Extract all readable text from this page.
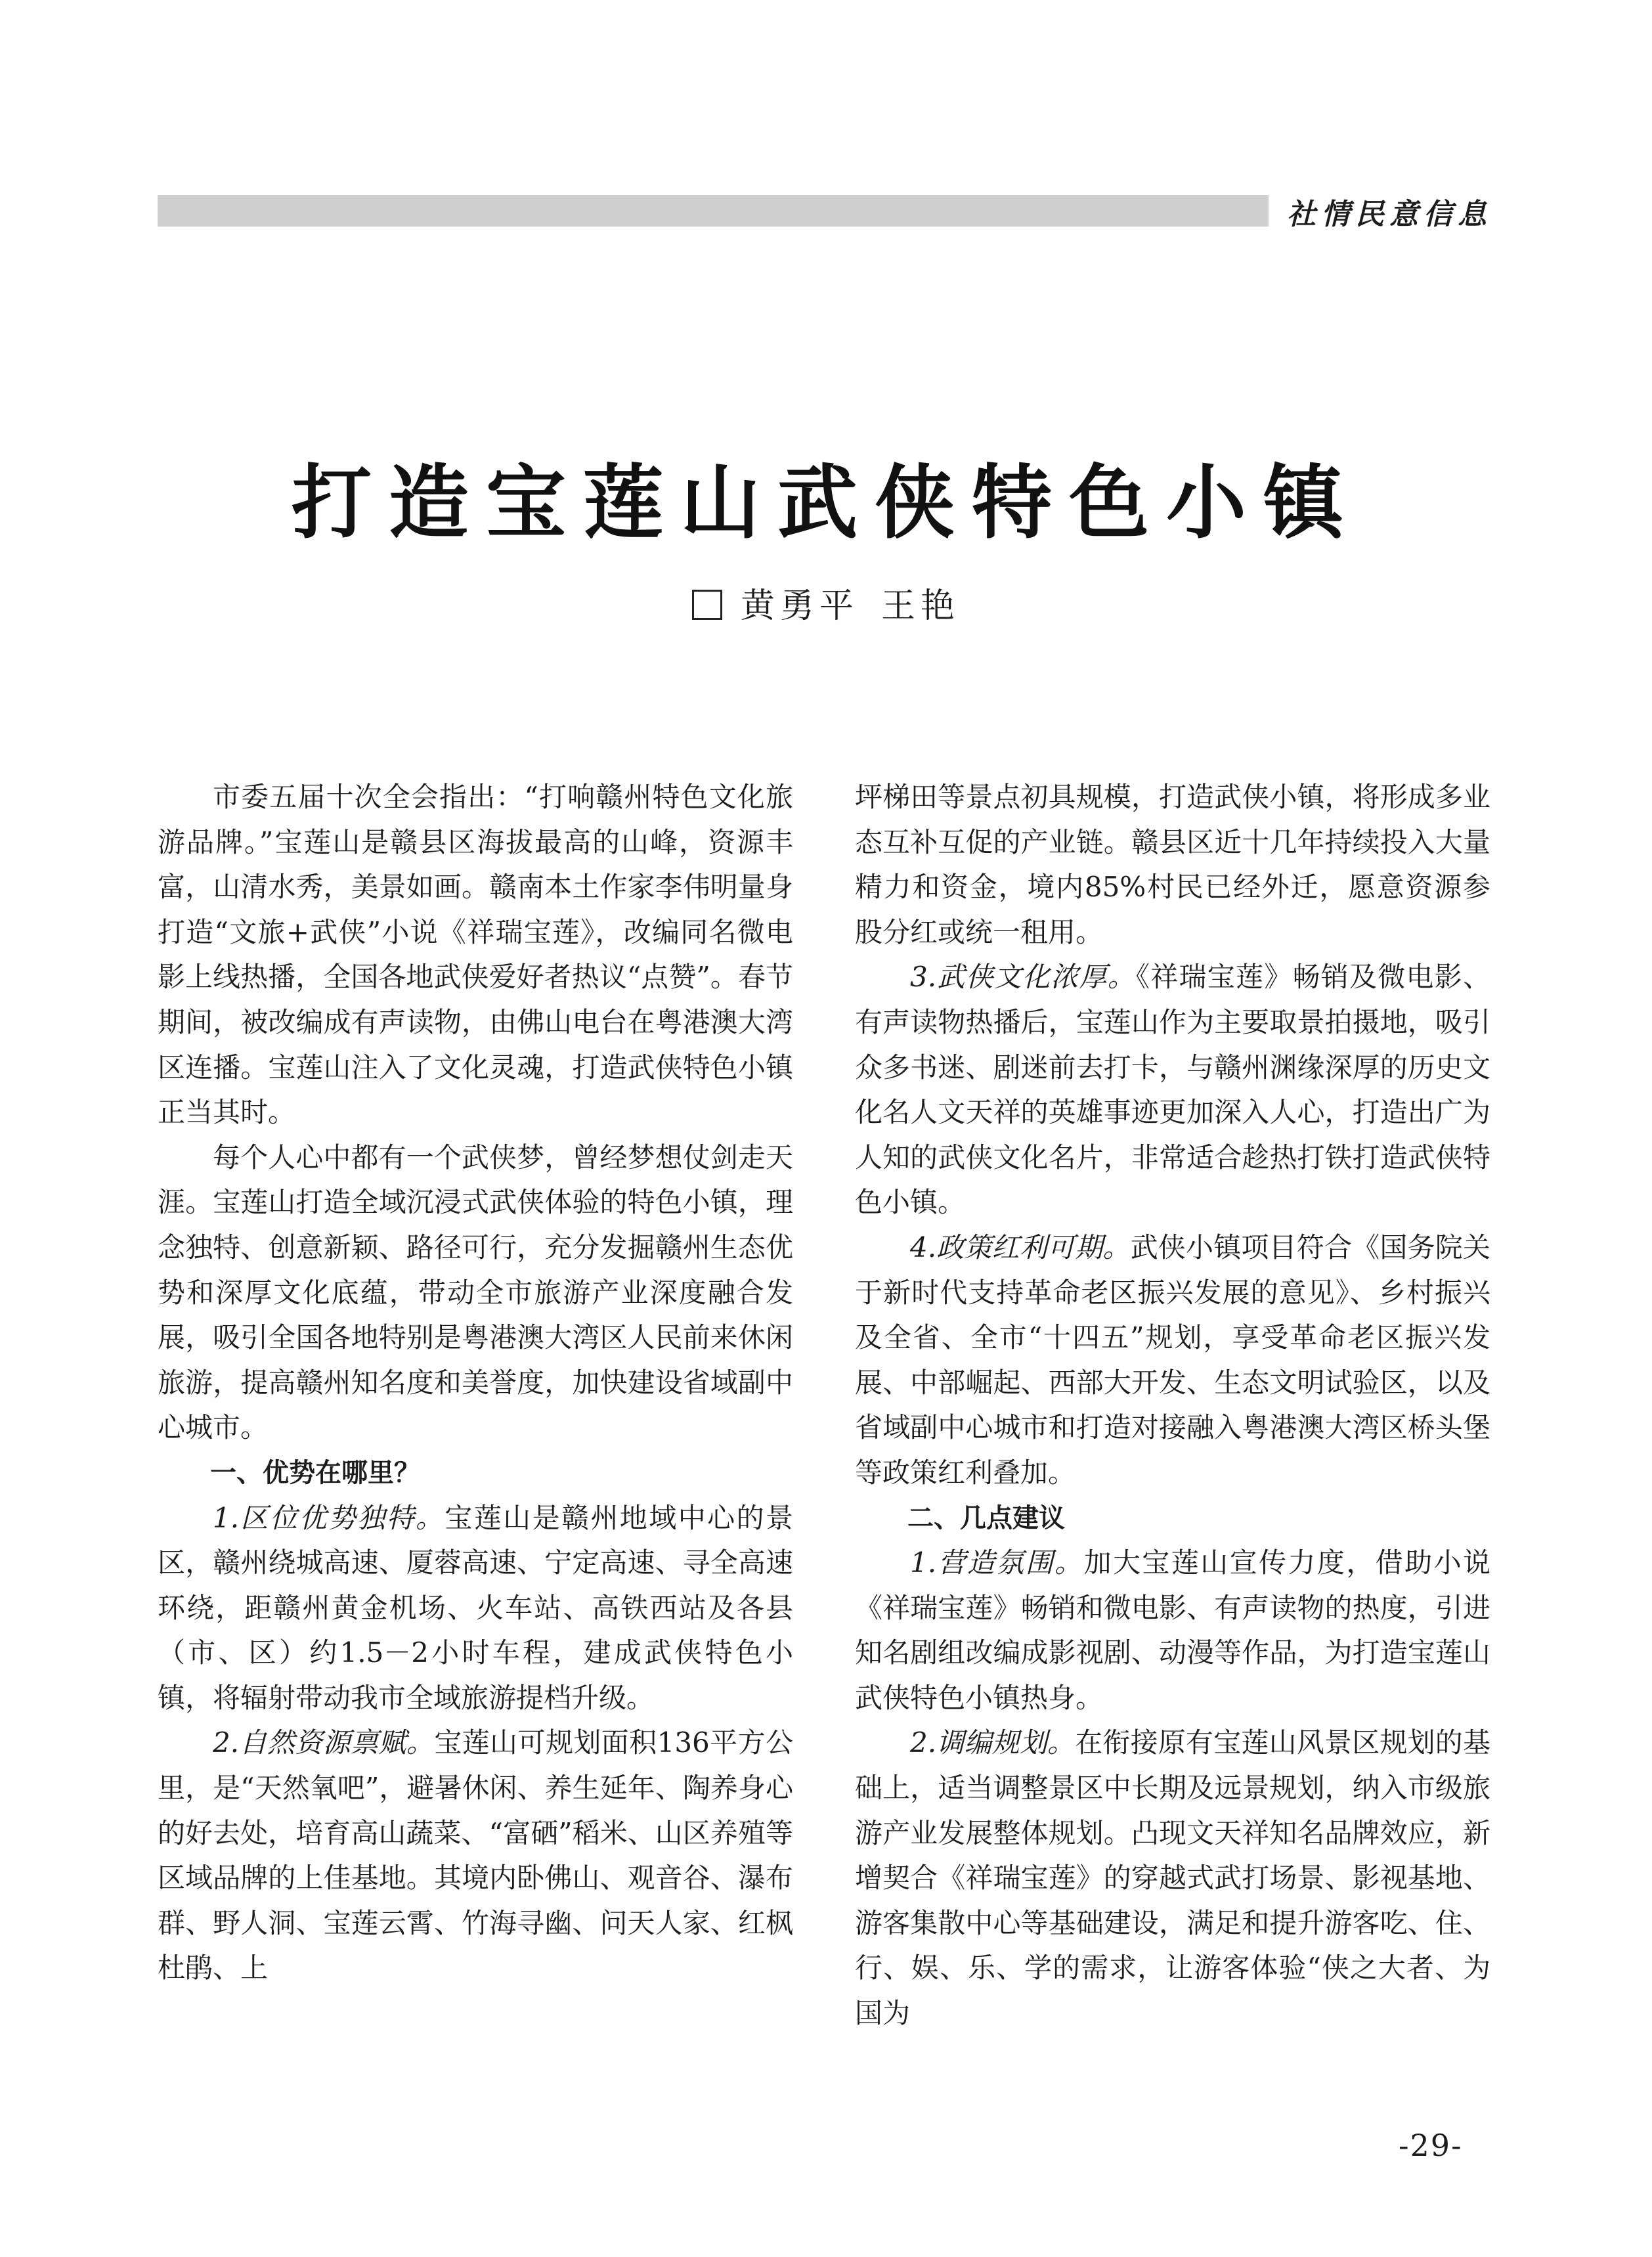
社情民意信息
打造宝莲山武侠特色小镇
黄勇平 王艳

市委五届十次全会指出：“打响赣州特色文化旅游品牌。”宝莲山是赣县区海拔最高的山峰，资源丰富，山清水秀，美景如画。赣南本土作家李伟明量身打造“文旅+武侠”小说《祥瑞宝莲》，改编同名微电影上线热播，全国各地武侠爱好者热议“点赞”。春节期间，被改编成有声读物，由佛山电台在粤港澳大湾区连播。宝莲山注入了文化灵魂，打造武侠特色小镇正当其时。

每个人心中都有一个武侠梦，曾经梦想仗剑走天涯。宝莲山打造全域沉浸式武侠体验的特色小镇，理念独特、创意新颖、路径可行，充分发掘赣州生态优势和深厚文化底蕴，带动全市旅游产业深度融合发展，吸引全国各地特别是粤港澳大湾区人民前来休闲旅游，提高赣州知名度和美誉度，加快建设省域副中心城市。

一、优势在哪里？

1.区位优势独特。宝莲山是赣州地域中心的景区，赣州绕城高速、厦蓉高速、宁定高速、寻全高速环绕，距赣州黄金机场、火车站、高铁西站及各县（市、区）约1.5－2小时车程，建成武侠特色小镇，将辐射带动我市全域旅游提档升级。

2.自然资源禀赋。宝莲山可规划面积136平方公里，是“天然氧吧”，避暑休闲、养生延年、陶养身心的好去处，培育高山蔬菜、“富硒”稻米、山区养殖等区域品牌的上佳基地。其境内卧佛山、观音谷、瀑布群、野人洞、宝莲云霄、竹海寻幽、问天人家、红枫杜鹃、上

坪梯田等景点初具规模，打造武侠小镇，将形成多业态互补互促的产业链。赣县区近十几年持续投入大量精力和资金，境内85%村民已经外迁，愿意资源参股分红或统一租用。

3.武侠文化浓厚。《祥瑞宝莲》畅销及微电影、有声读物热播后，宝莲山作为主要取景拍摄地，吸引众多书迷、剧迷前去打卡，与赣州渊缘深厚的历史文化名人文天祥的英雄事迹更加深入人心，打造出广为人知的武侠文化名片，非常适合趁热打铁打造武侠特色小镇。

4.政策红利可期。武侠小镇项目符合《国务院关于新时代支持革命老区振兴发展的意见》、乡村振兴及全省、全市“十四五”规划，享受革命老区振兴发展、中部崛起、西部大开发、生态文明试验区，以及省域副中心城市和打造对接融入粤港澳大湾区桥头堡等政策红利叠加。

二、几点建议

1.营造氛围。加大宝莲山宣传力度，借助小说《祥瑞宝莲》畅销和微电影、有声读物的热度，引进知名剧组改编成影视剧、动漫等作品，为打造宝莲山武侠特色小镇热身。

2.调编规划。在衔接原有宝莲山风景区规划的基础上，适当调整景区中长期及远景规划，纳入市级旅游产业发展整体规划。凸现文天祥知名品牌效应，新增契合《祥瑞宝莲》的穿越式武打场景、影视基地、游客集散中心等基础建设，满足和提升游客吃、住、行、娱、乐、学的需求，让游客体验“侠之大者、为国为

-29-
